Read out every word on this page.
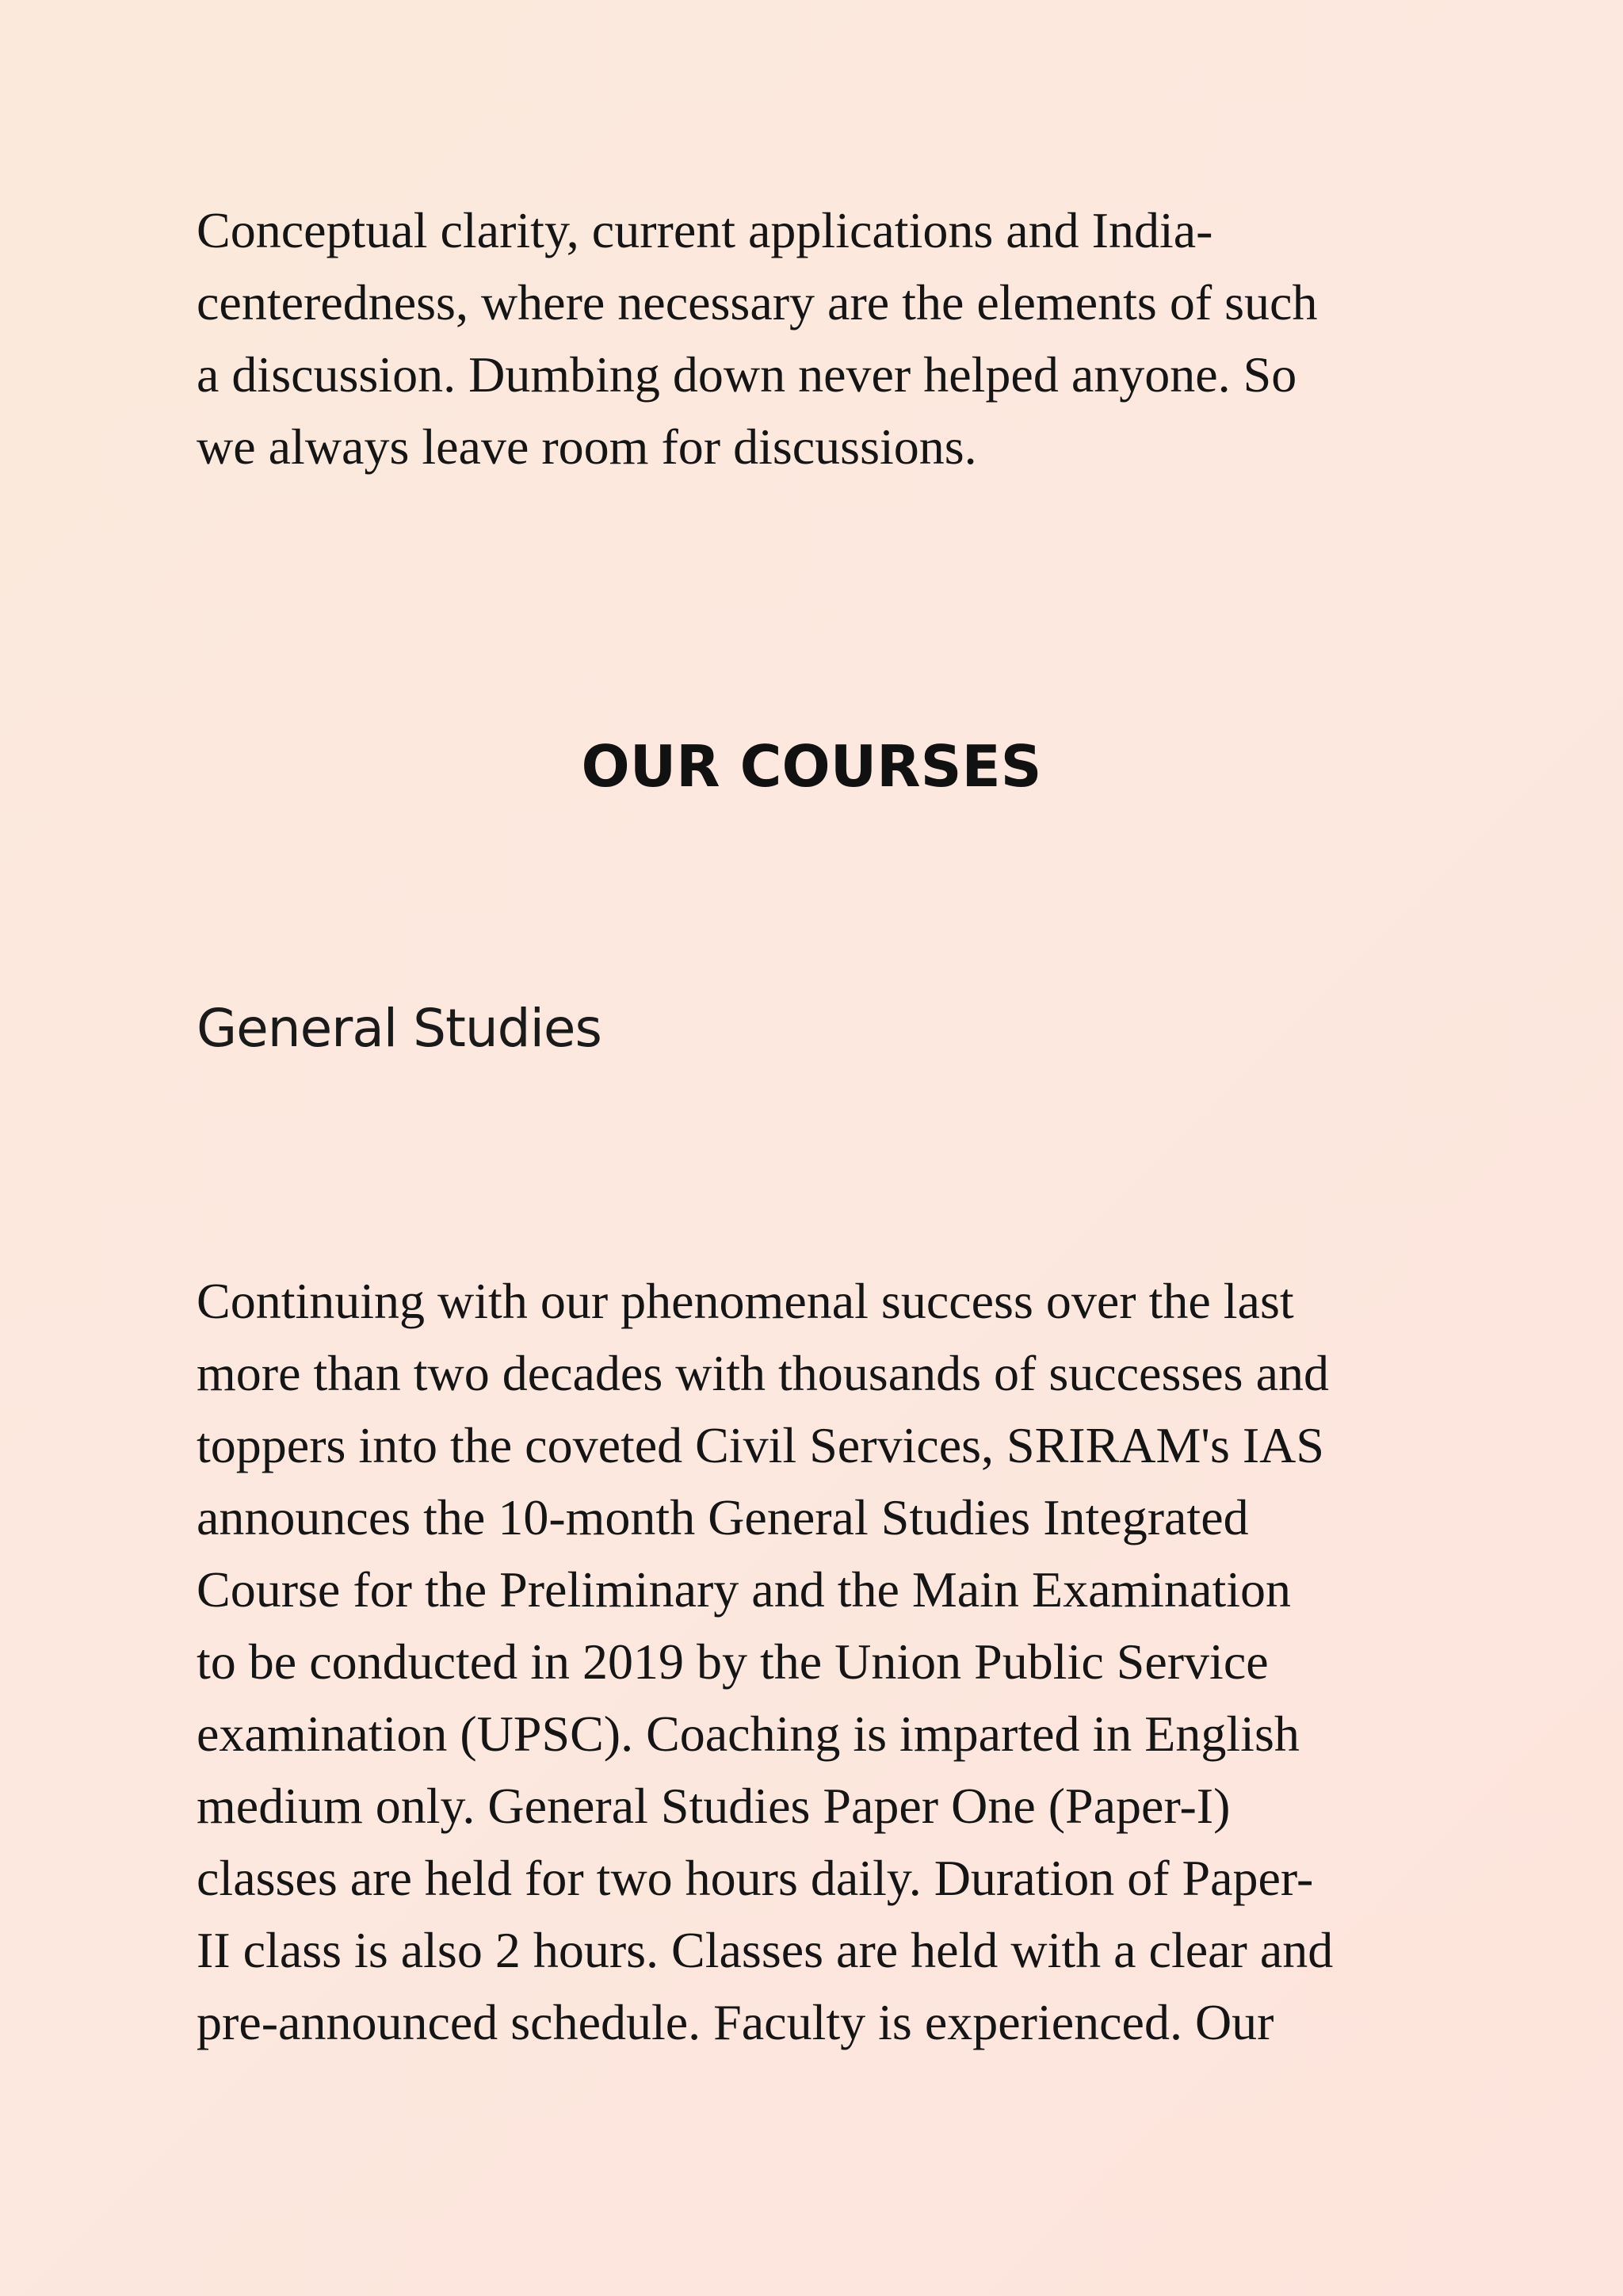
Conceptual clarity, current applications and India-
centeredness, where necessary are the elements of such
a discussion. Dumbing down never helped anyone. So
we always leave room for discussions.

OUR COURSES
General Studies

Continuing with our phenomenal success over the last
more than two decades with thousands of successes and
toppers into the coveted Civil Services, SRIRAM's IAS
announces the 10-month General Studies Integrated
Course for the Preliminary and the Main Examination
to be conducted in 2019 by the Union Public Service
examination (UPSC). Coaching is imparted in English
medium only. General Studies Paper One (Paper-I)
classes are held for two hours daily. Duration of Paper-
II class is also 2 hours. Classes are held with a clear and
pre-announced schedule. Faculty is experienced. Our
